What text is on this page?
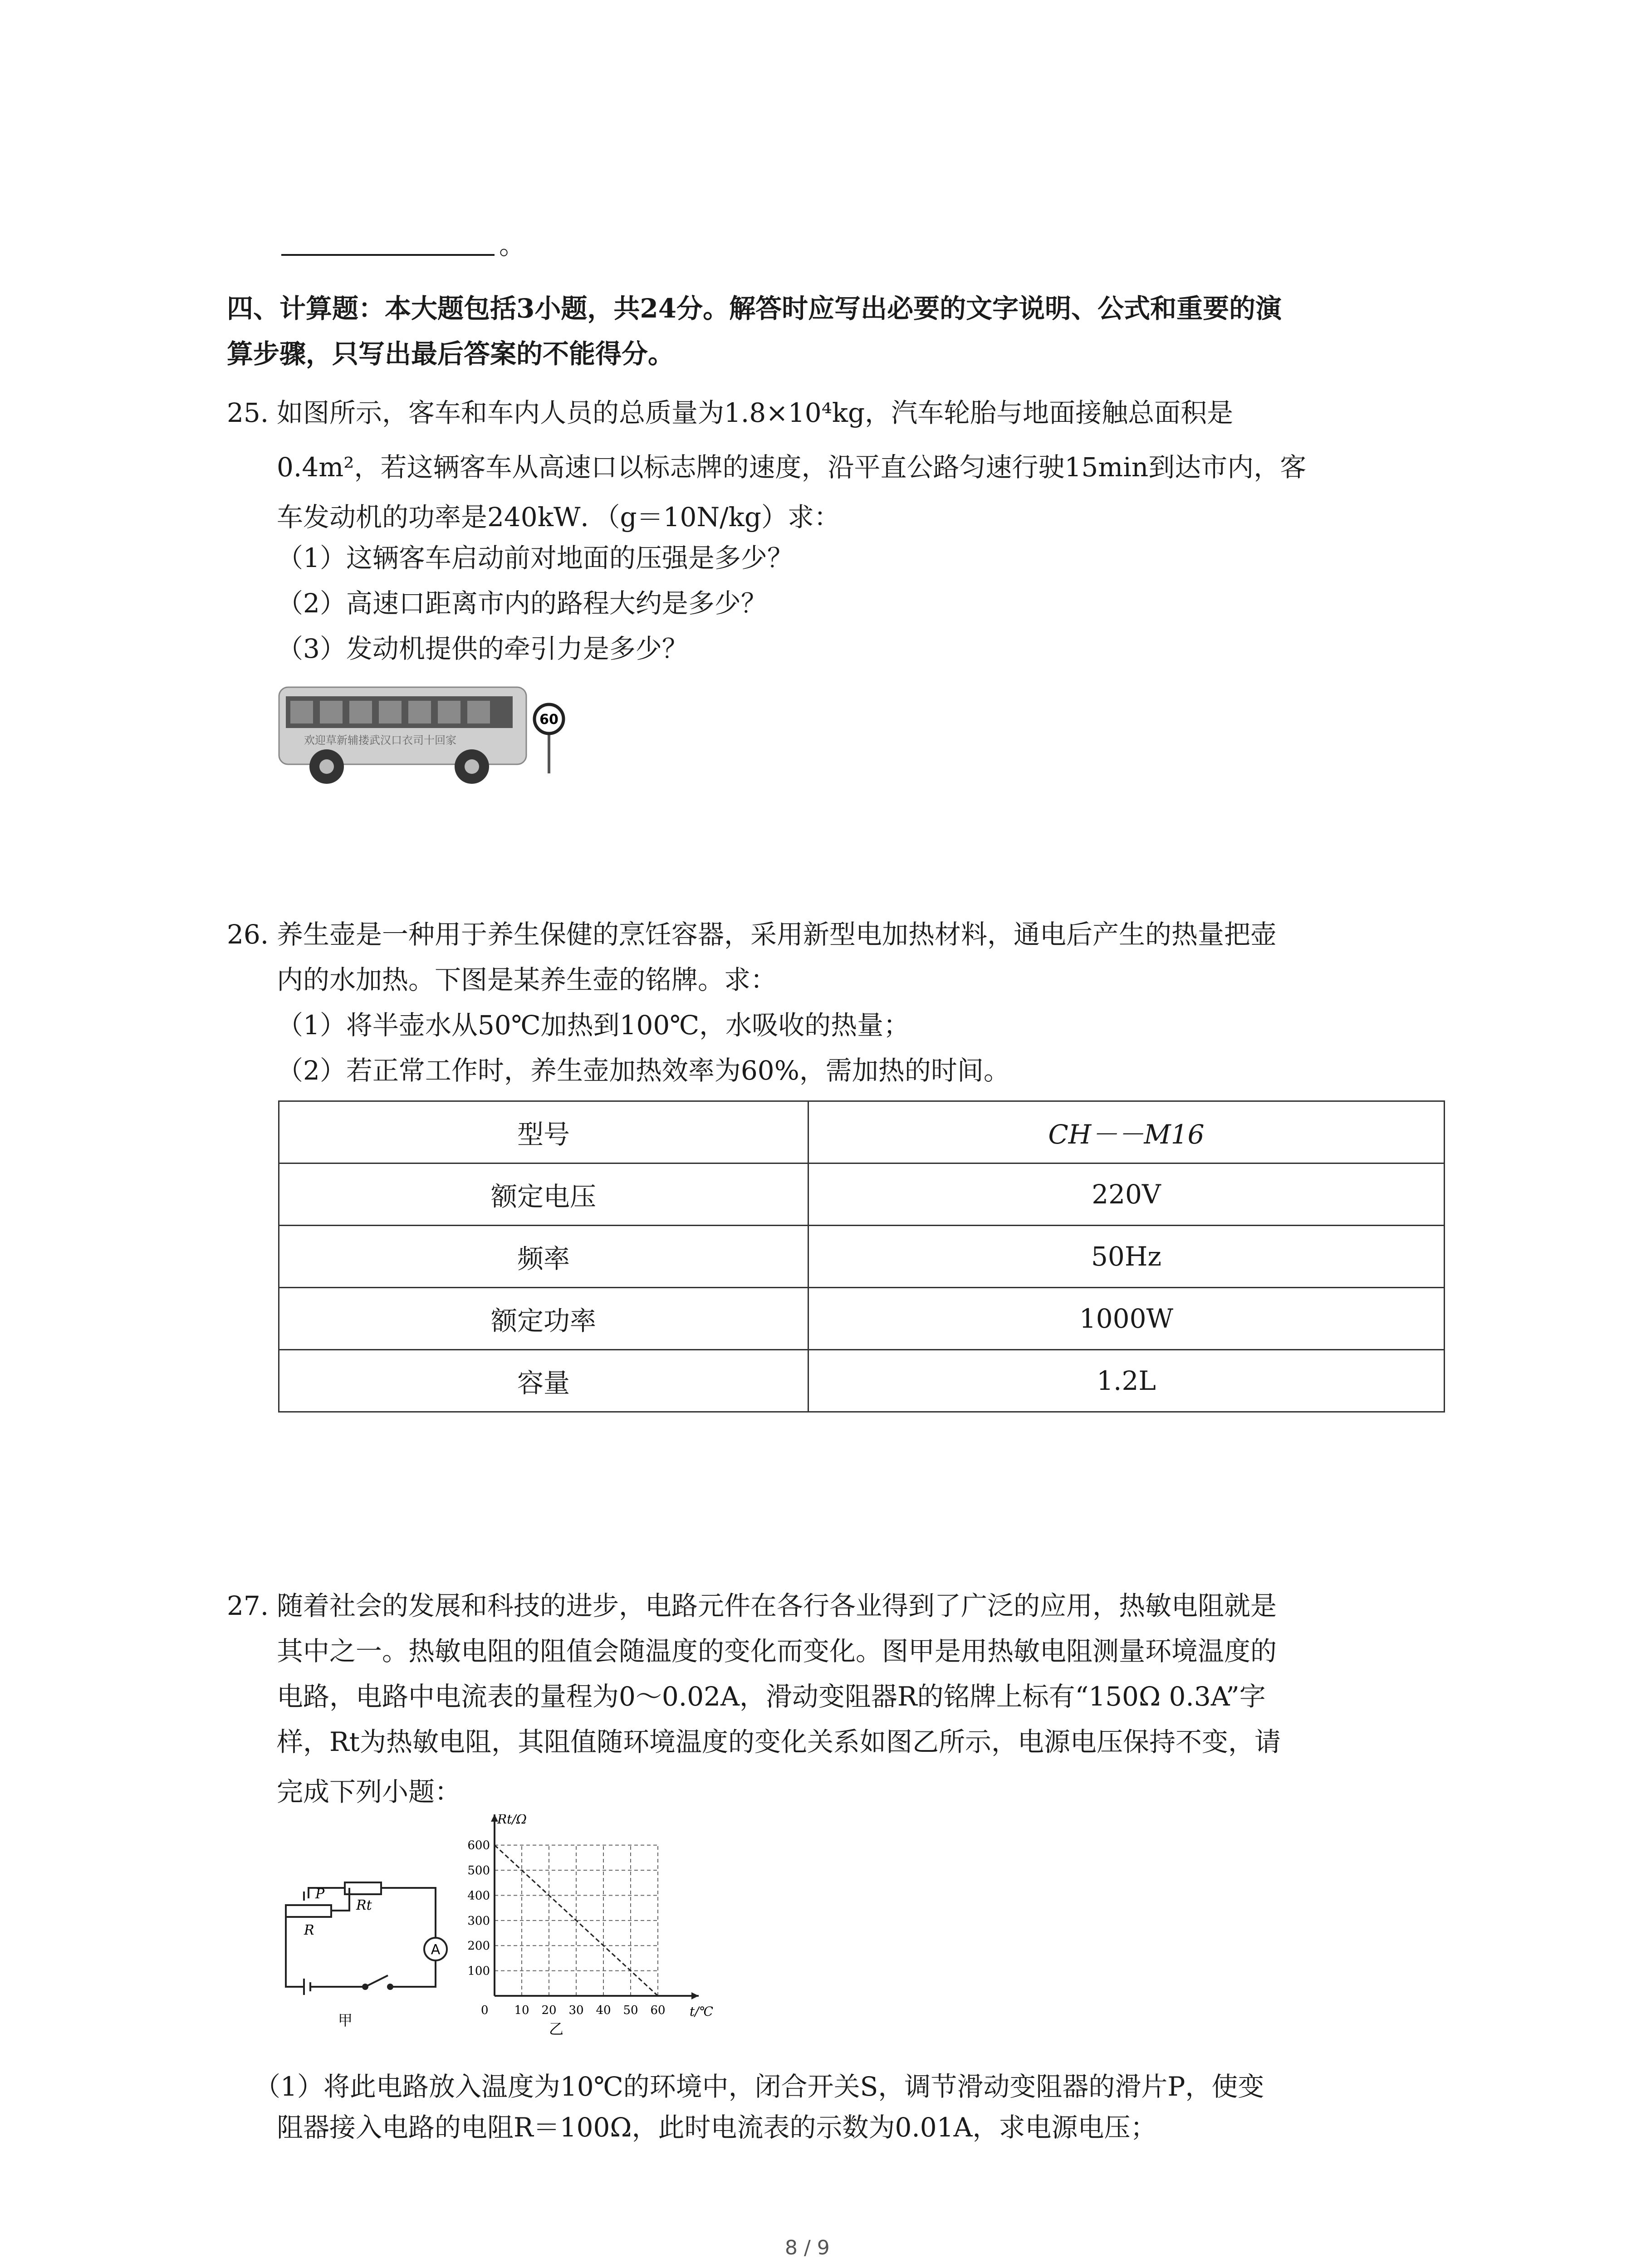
。
四、计算题：本大题包括3小题，共24分。解答时应写出必要的文字说明、公式和重要的演
算步骤，只写出最后答案的不能得分。
25. 如图所示，客车和车内人员的总质量为1.8×10⁴kg，汽车轮胎与地面接触总面积是
0.4m²，若这辆客车从高速口以标志牌的速度，沿平直公路匀速行驶15min到达市内，客
车发动机的功率是240kW．（g＝10N/kg）求：
（1）这辆客车启动前对地面的压强是多少？
（2）高速口距离市内的路程大约是多少？
（3）发动机提供的牵引力是多少？
欢迎草新辅搂武汉口衣司十回家
60
26. 养生壶是一种用于养生保健的烹饪容器，采用新型电加热材料，通电后产生的热量把壶
内的水加热。下图是某养生壶的铭牌。求：
（1）将半壶水从50℃加热到100℃，水吸收的热量；
（2）若正常工作时，养生壶加热效率为60%，需加热的时间。
型号	CH－－M16
额定电压	220V
频率	50Hz
额定功率	1000W
容量	1.2L
27. 随着社会的发展和科技的进步，电路元件在各行各业得到了广泛的应用，热敏电阻就是
其中之一。热敏电阻的阻值会随温度的变化而变化。图甲是用热敏电阻测量环境温度的
电路，电路中电流表的量程为0～0.02A，滑动变阻器R的铭牌上标有“150Ω 0.3A”字
样，Rt为热敏电阻，其阻值随环境温度的变化关系如图乙所示，电源电压保持不变，请
完成下列小题：
A
P
Rt
R
甲
10 20 30 40 50 60
100
200
300
400
500
600
Rt/Ω
t/℃
0
乙
（1）将此电路放入温度为10℃的环境中，闭合开关S，调节滑动变阻器的滑片P，使变
阻器接入电路的电阻R＝100Ω，此时电流表的示数为0.01A，求电源电压；
8 / 9
